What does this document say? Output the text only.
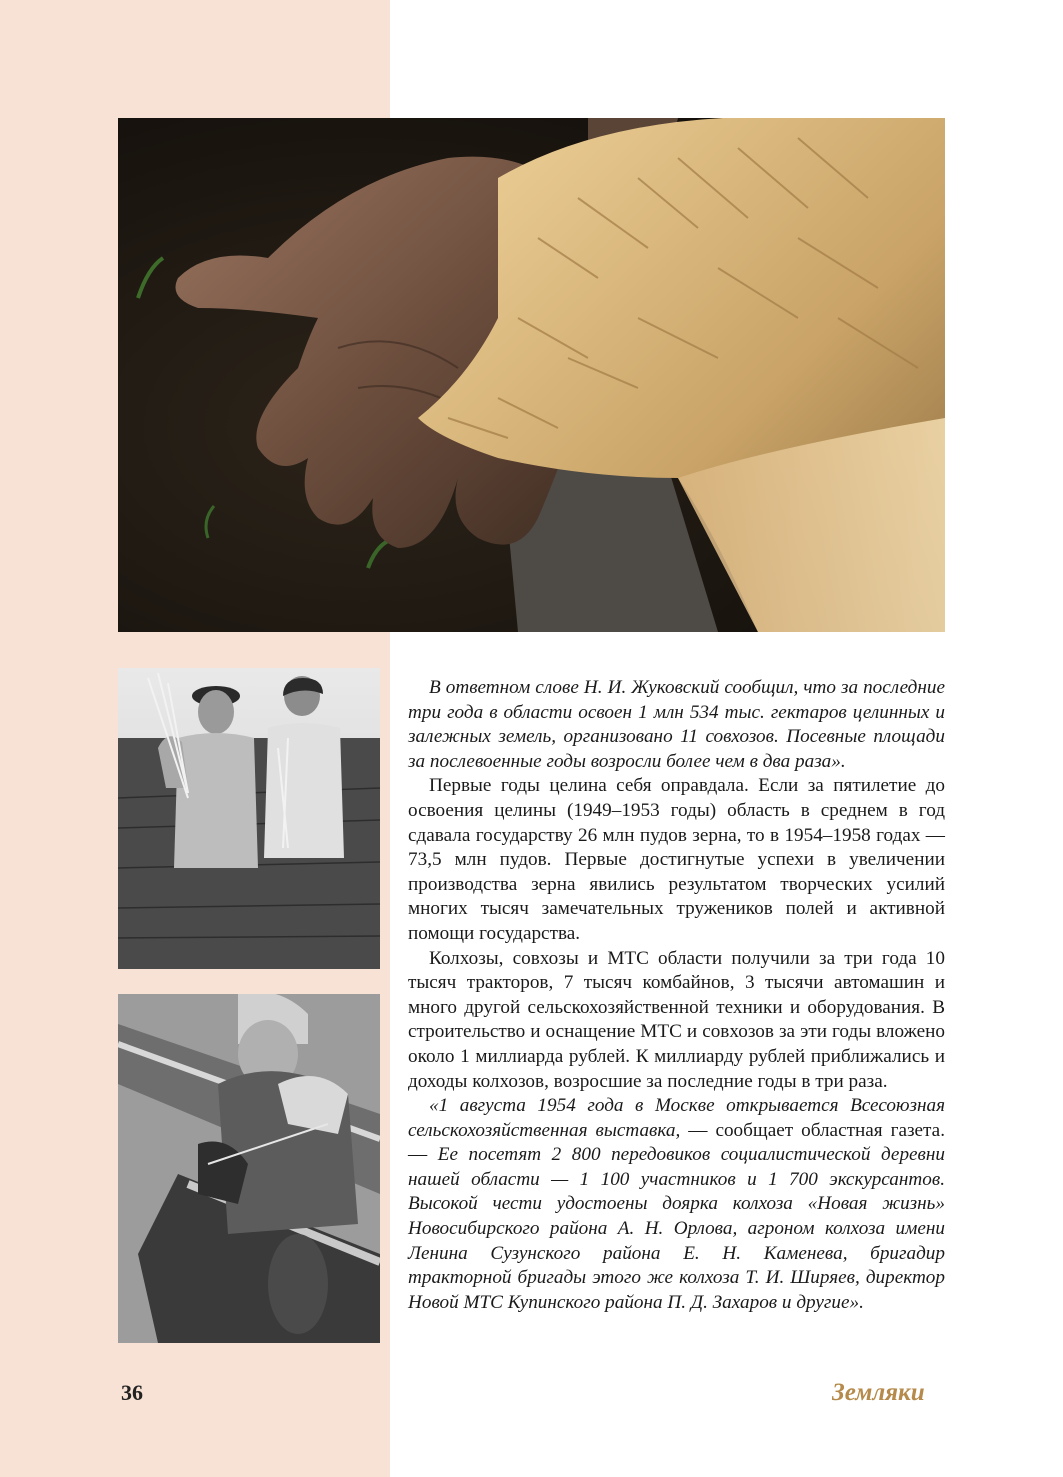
В ответном слове Н. И. Жуковский сообщил, что за последние три года в области освоен 1 млн 534 тыс. гектаров целинных и залежных земель, организовано 11 совхозов. Посевные площади за послевоенные годы возросли более чем в два раза».

Первые годы целина себя оправдала. Если за пятилетие до освоения целины (1949–1953 годы) область в среднем в год сдавала государству 26 млн пудов зерна, то в 1954–1958 годах — 73,5 млн пудов. Первые достигнутые успехи в увеличении производства зерна явились результатом творческих усилий многих тысяч замечательных тружеников полей и активной помощи государства.

Колхозы, совхозы и МТС области получили за три года 10 тысяч тракторов, 7 тысяч комбайнов, 3 тысячи автомашин и много другой сельскохозяйственной техники и оборудования. В строительство и оснащение МТС и совхозов за эти годы вложено около 1 миллиарда рублей. К миллиарду рублей приближались и доходы колхозов, возросшие за последние годы в три раза.

«1 августа 1954 года в Москве открывается Всесоюзная сельскохозяйственная выставка, — сообщает областная газета. — Ее посетят 2 800 передовиков социалистической деревни нашей области — 1 100 участников и 1 700 экскурсантов. Высокой чести удостоены доярка колхоза «Новая жизнь» Новосибирского района А. Н. Орлова, агроном колхоза имени Ленина Сузунского района Е. Н. Каменева, бригадир тракторной бригады этого же колхоза Т. И. Ширяев, директор Новой МТС Купинского района П. Д. Захаров и другие».

36	Земляки
